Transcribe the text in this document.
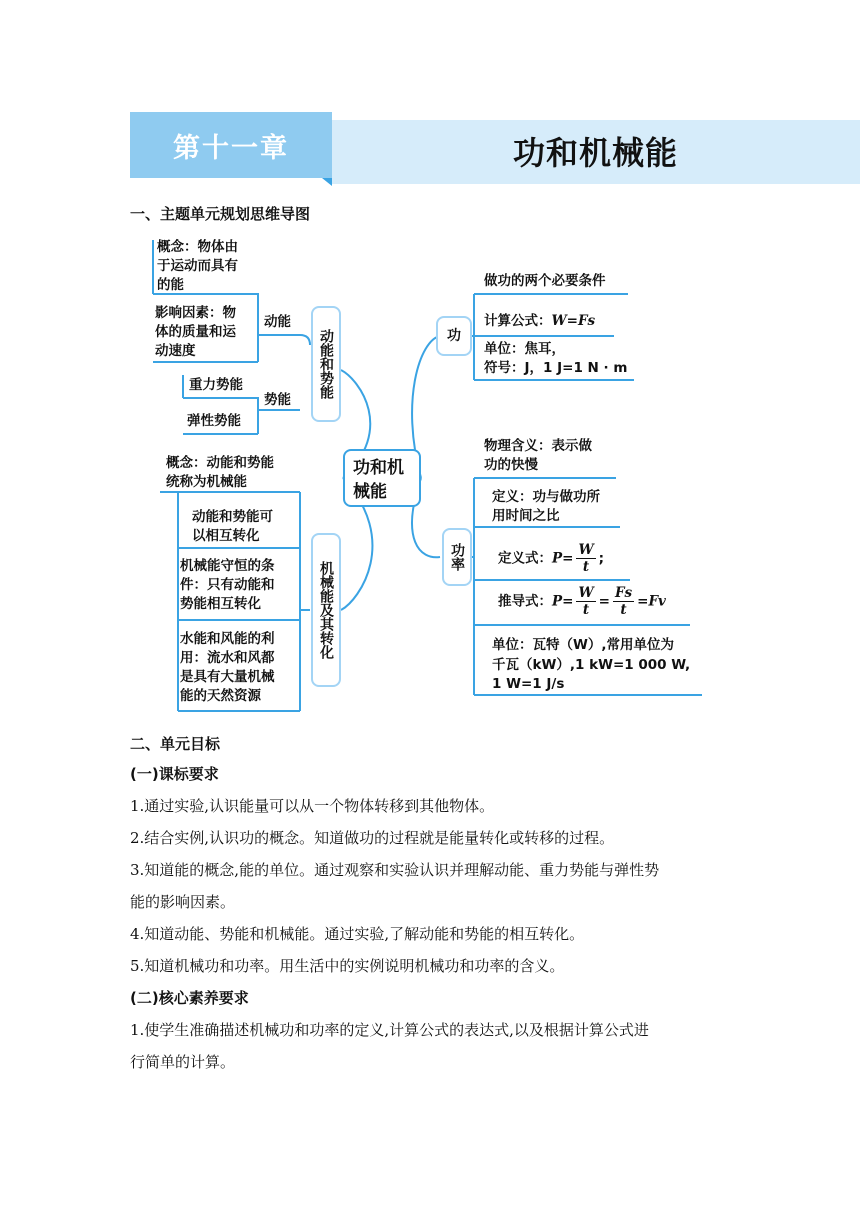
第十一章	功和机械能
一、主题单元规划思维导图
概念：物体由
于运动而具有
的能
影响因素：物
体的质量和运
动速度
动能
重力势能
势能
弹性势能
动能和势能
概念：动能和势能
统称为机械能
动能和势能可
以相互转化
机械能守恒的条
件：只有动能和
势能相互转化
水能和风能的利
用：流水和风都
是具有大量机械
能的天然资源
机械能及其转化
功和机械能
功
做功的两个必要条件
计算公式：W=Fs
单位：焦耳，
符号：J，1 J=1 N · m
功率
物理含义：表示做
功的快慢
定义：功与做功所
用时间之比
定义式：$P= \frac{W}{t}$ ;
推导式：$P= \frac{W}{t} = \frac{Fs}{t} =Fv$
单位：瓦特（W）,常用单位为
千瓦（kW）,1 kW=1 000 W,
1 W=1 J/s
二、单元目标
(一)课标要求
1.通过实验,认识能量可以从一个物体转移到其他物体。
2.结合实例,认识功的概念。知道做功的过程就是能量转化或转移的过程。
3.知道能的概念,能的单位。通过观察和实验认识并理解动能、重力势能与弹性势
能的影响因素。
4.知道动能、势能和机械能。通过实验,了解动能和势能的相互转化。
5.知道机械功和功率。用生活中的实例说明机械功和功率的含义。
(二)核心素养要求
1.使学生准确描述机械功和功率的定义,计算公式的表达式,以及根据计算公式进
行简单的计算。
